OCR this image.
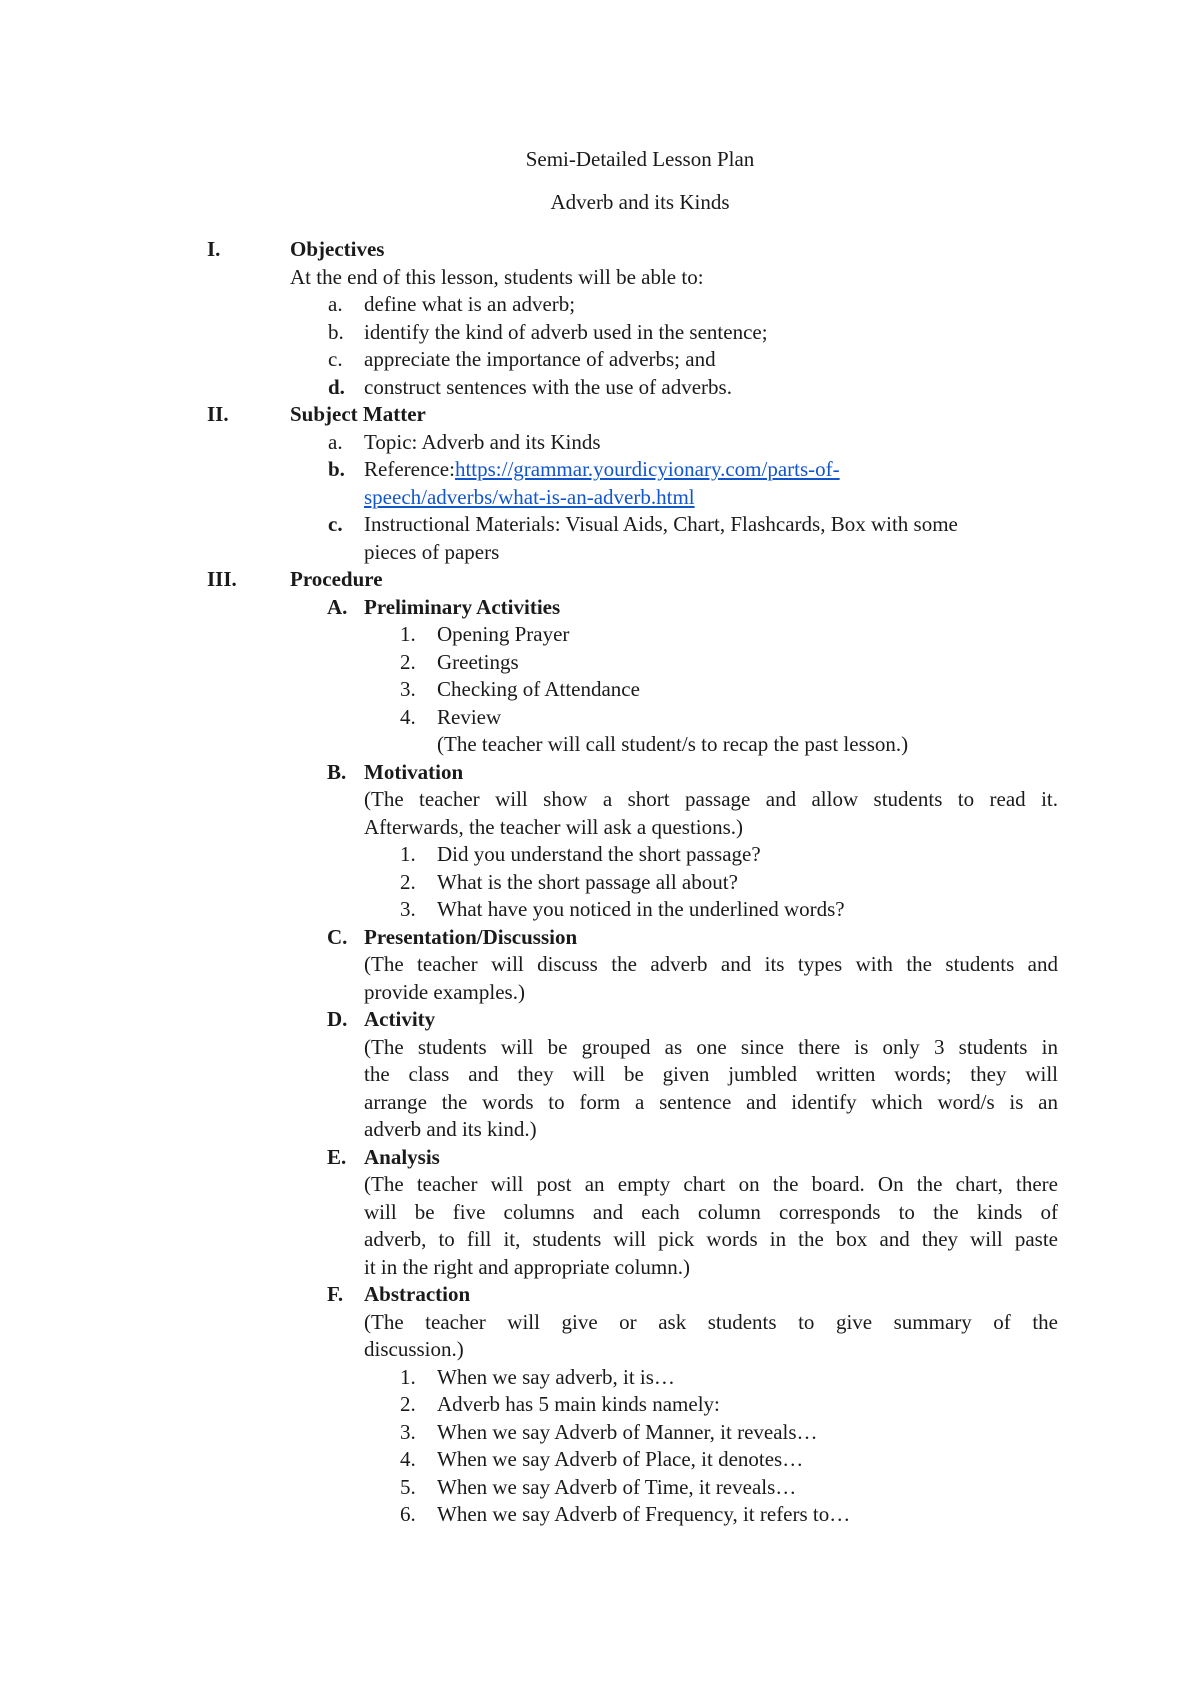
Semi-Detailed Lesson Plan
Adverb and its Kinds
I.	Objectives
At the end of this lesson, students will be able to:
a. define what is an adverb;
b. identify the kind of adverb used in the sentence;
c. appreciate the importance of adverbs; and
d. construct sentences with the use of adverbs.
II.	Subject Matter
a. Topic: Adverb and its Kinds
b. Reference:https://grammar.yourdicyionary.com/parts-of-
speech/adverbs/what-is-an-adverb.html
c. Instructional Materials: Visual Aids, Chart, Flashcards, Box with some
pieces of papers
III.	Procedure
A. Preliminary Activities
1. Opening Prayer
2. Greetings
3. Checking of Attendance
4. Review
(The teacher will call student/s to recap the past lesson.)
B. Motivation
(The teacher will show a short passage and allow students to read it.
Afterwards, the teacher will ask a questions.)
1. Did you understand the short passage?
2. What is the short passage all about?
3. What have you noticed in the underlined words?
C. Presentation/Discussion
(The teacher will discuss the adverb and its types with the students and
provide examples.)
D. Activity
(The students will be grouped as one since there is only 3 students in
the class and they will be given jumbled written words; they will
arrange the words to form a sentence and identify which word/s is an
adverb and its kind.)
E. Analysis
(The teacher will post an empty chart on the board. On the chart, there
will be five columns and each column corresponds to the kinds of
adverb, to fill it, students will pick words in the box and they will paste
it in the right and appropriate column.)
F. Abstraction
(The teacher will give or ask students to give summary of the
discussion.)
1. When we say adverb, it is…
2. Adverb has 5 main kinds namely:
3. When we say Adverb of Manner, it reveals…
4. When we say Adverb of Place, it denotes…
5. When we say Adverb of Time, it reveals…
6. When we say Adverb of Frequency, it refers to…
